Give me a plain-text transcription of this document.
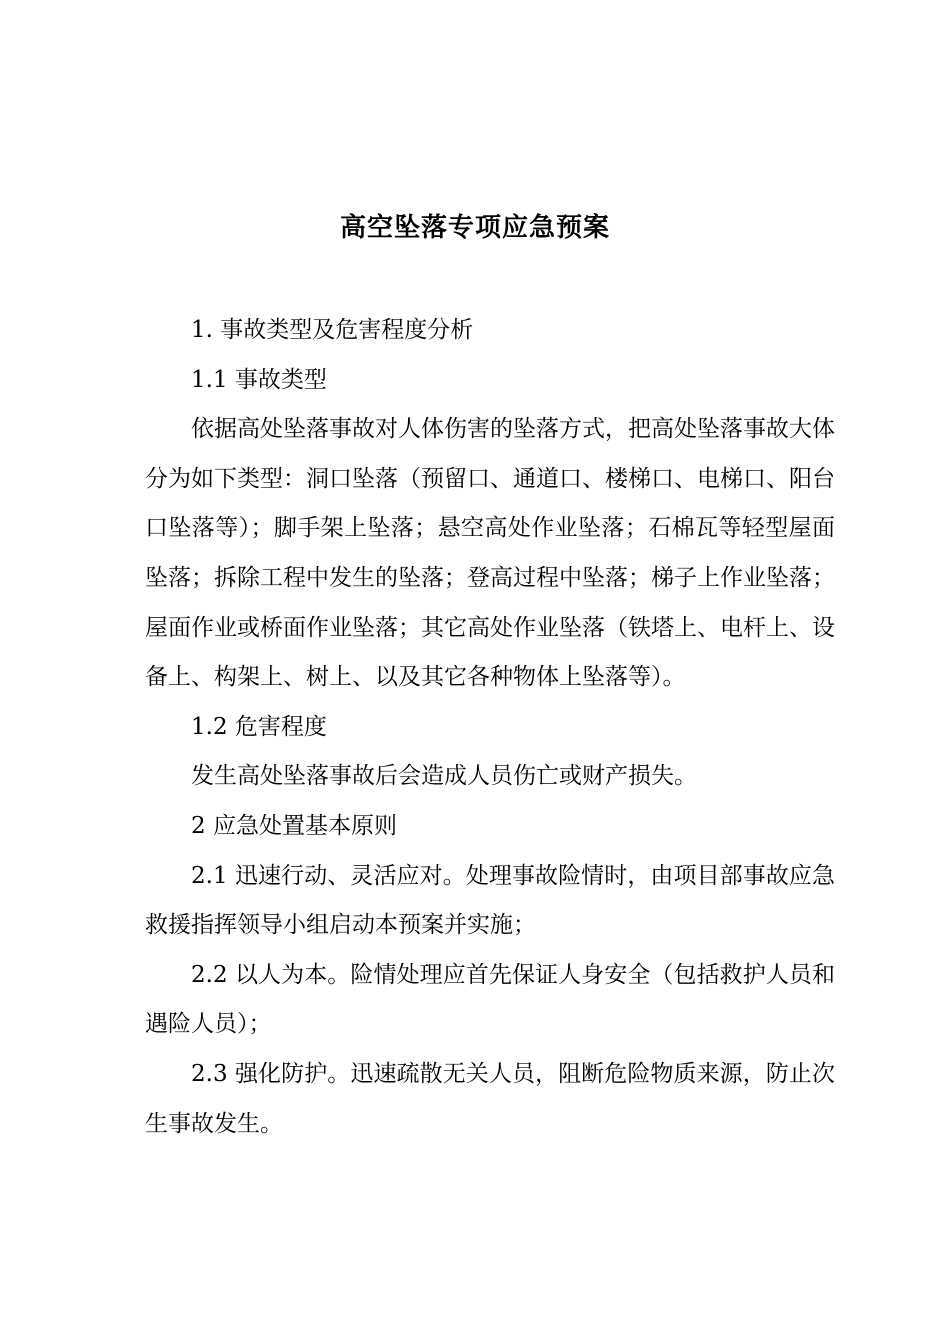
高空坠落专项应急预案

1. 事故类型及危害程度分析

1.1 事故类型

依据高处坠落事故对人体伤害的坠落方式，把高处坠落事故大体分为如下类型：洞口坠落（预留口、通道口、楼梯口、电梯口、阳台口坠落等）；脚手架上坠落；悬空高处作业坠落；石棉瓦等轻型屋面坠落；拆除工程中发生的坠落；登高过程中坠落；梯子上作业坠落；屋面作业或桥面作业坠落；其它高处作业坠落（铁塔上、电杆上、设备上、构架上、树上、以及其它各种物体上坠落等）。

1.2 危害程度

发生高处坠落事故后会造成人员伤亡或财产损失。

2 应急处置基本原则

2.1 迅速行动、灵活应对。处理事故险情时，由项目部事故应急救援指挥领导小组启动本预案并实施；

2.2 以人为本。险情处理应首先保证人身安全（包括救护人员和遇险人员）；

2.3 强化防护。迅速疏散无关人员，阻断危险物质来源，防止次生事故发生。
